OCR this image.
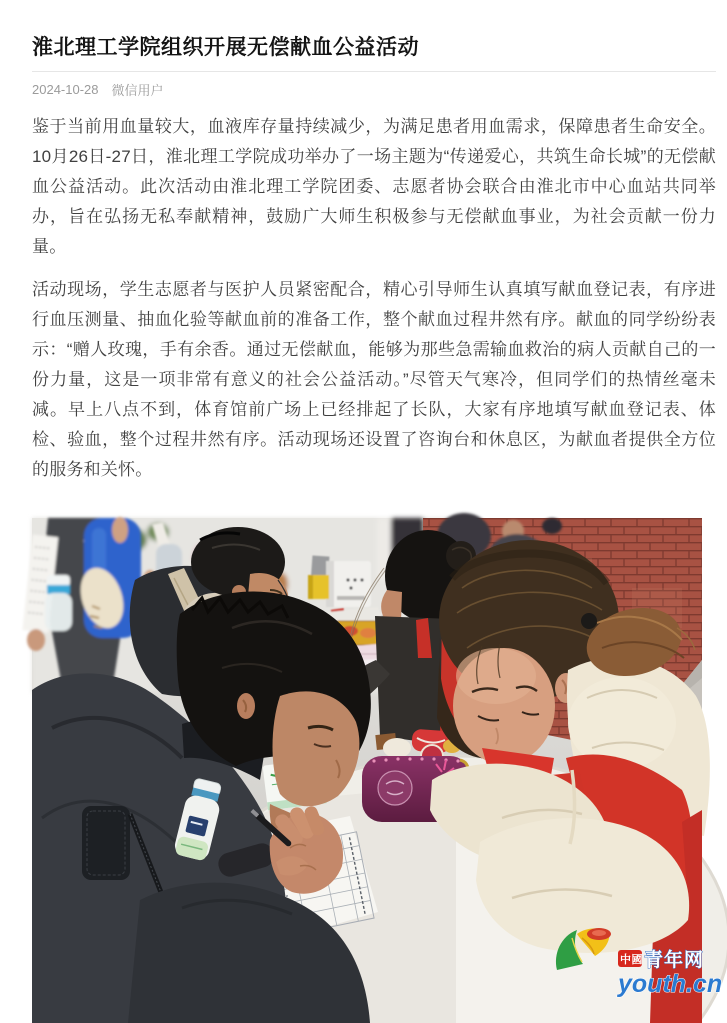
淮北理工学院组织开展无偿献血公益活动
2024-10-28 微信用户

鉴于当前用血量较大，血液库存量持续减少，为满足患者用血需求，保障患者生命安全。10月26日-27日，淮北理工学院成功举办了一场主题为“传递爱心，共筑生命长城”的无偿献血公益活动。此次活动由淮北理工学院团委、志愿者协会联合由淮北市中心血站共同举办，旨在弘扬无私奉献精神，鼓励广大师生积极参与无偿献血事业，为社会贡献一份力量。

活动现场，学生志愿者与医护人员紧密配合，精心引导师生认真填写献血登记表，有序进行血压测量、抽血化验等献血前的准备工作，整个献血过程井然有序。献血的同学纷纷表示：“赠人玫瑰，手有余香。通过无偿献血，能够为那些急需输血救治的病人贡献自己的一份力量，这是一项非常有意义的社会公益活动。”尽管天气寒冷，但同学们的热情丝毫未减。早上八点不到，体育馆前广场上已经排起了长队，大家有序地填写献血登记表、体检、验血，整个过程井然有序。活动现场还设置了咨询台和休息区，为献血者提供全方位的服务和关怀。

中國 青年网
youth.cn
